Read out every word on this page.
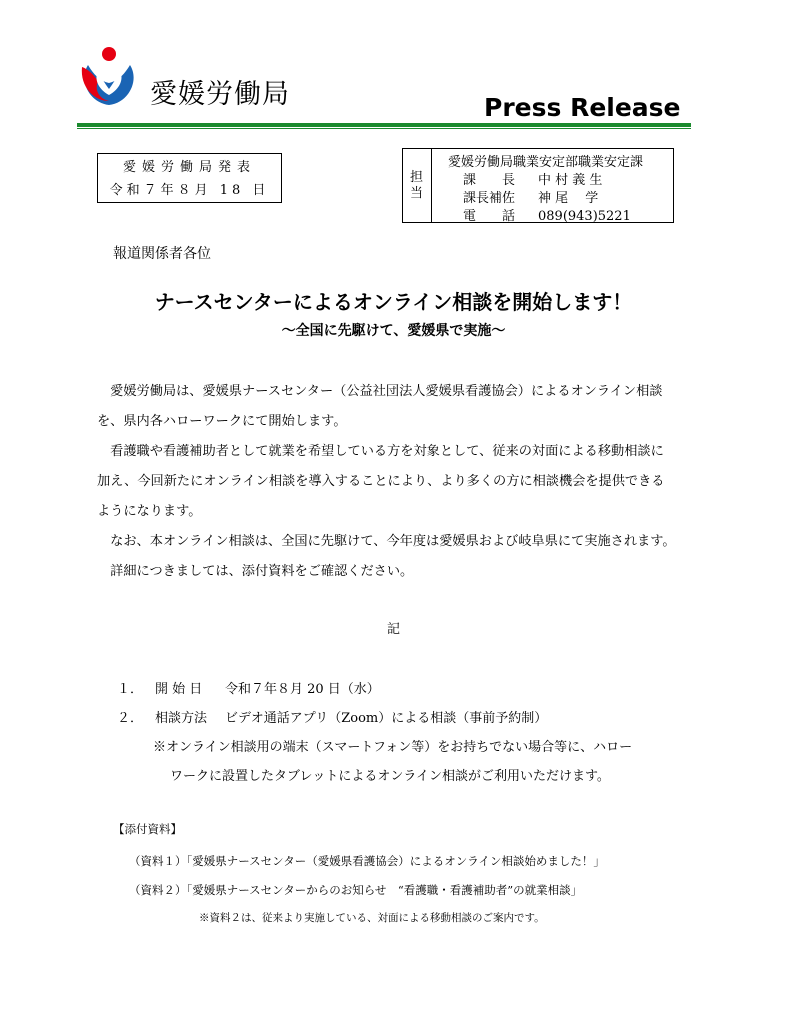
愛媛労働局	Press Release
愛媛労働局発表
令和７年８月 18 日
担
当
愛媛労働局職業安定部職業安定課
課　　長 中 村 義 生
課長補佐 神 尾 　学
電　　話 089(943)5221
報道関係者各位
ナースセンターによるオンライン相談を開始します！
～全国に先駆けて、愛媛県で実施～

　愛媛労働局は、愛媛県ナースセンター（公益社団法人愛媛県看護協会）によるオンライン相談

を、県内各ハローワークにて開始します。

　看護職や看護補助者として就業を希望している方を対象として、従来の対面による移動相談に

加え、今回新たにオンライン相談を導入することにより、より多くの方に相談機会を提供できる

ようになります。

　なお、本オンライン相談は、全国に先駆けて、今年度は愛媛県および岐阜県にて実施されます。

　詳細につきましては、添付資料をご確認ください。

記
１． 開 始 日 令和７年８月 20 日（水）
２． 相談方法 ビデオ通話アプリ（Zoom）による相談（事前予約制）
※オンライン相談用の端末（スマートフォン等）をお持ちでない場合等に、ハロー
ワークに設置したタブレットによるオンライン相談がご利用いただけます。
【添付資料】
（資料１）「愛媛県ナースセンター（愛媛県看護協会）によるオンライン相談始めました！」
（資料２）「愛媛県ナースセンターからのお知らせ　“看護職・看護補助者”の就業相談」
※資料２は、従来より実施している、対面による移動相談のご案内です。
